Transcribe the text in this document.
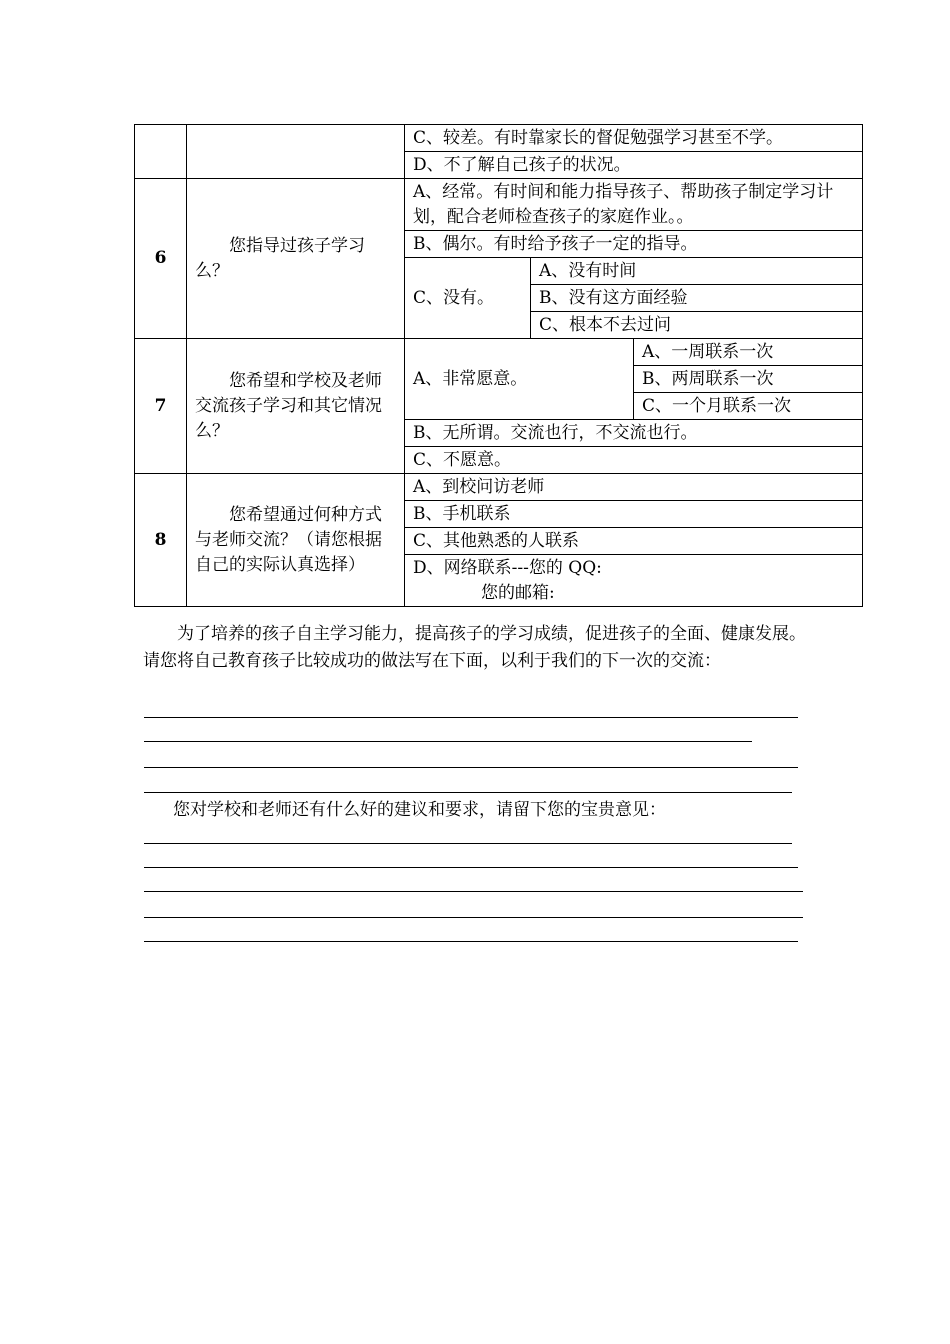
		C、较差。有时靠家长的督促勉强学习甚至不学。		
		D、不了解自己孩子的状况。		
6	您指导过孩子学习么？	A、经常。有时间和能力指导孩子、帮助孩子制定学习计划，配合老师检查孩子的家庭作业。。		
		B、偶尔。有时给予孩子一定的指导。		
		C、没有。	A、没有时间	
			B、没有这方面经验	
			C、根本不去过问	
7	您希望和学校及老师交流孩子学习和其它情况么？	A、非常愿意。		A、一周联系一次
				B、两周联系一次
				C、一个月联系一次
		B、无所谓。交流也行，不交流也行。		
		C、不愿意。		
8	您希望通过何种方式与老师交流？（请您根据自己的实际认真选择）	A、到校问访老师		
		B、手机联系		
		C、其他熟悉的人联系		

		D、网络联系---您的 QQ:
您的邮箱:		

为了培养的孩子自主学习能力，提高孩子的学习成绩，促进孩子的全面、健康发展。请您将自己教育孩子比较成功的做法写在下面，以利于我们的下一次的交流：

您对学校和老师还有什么好的建议和要求，请留下您的宝贵意见：
